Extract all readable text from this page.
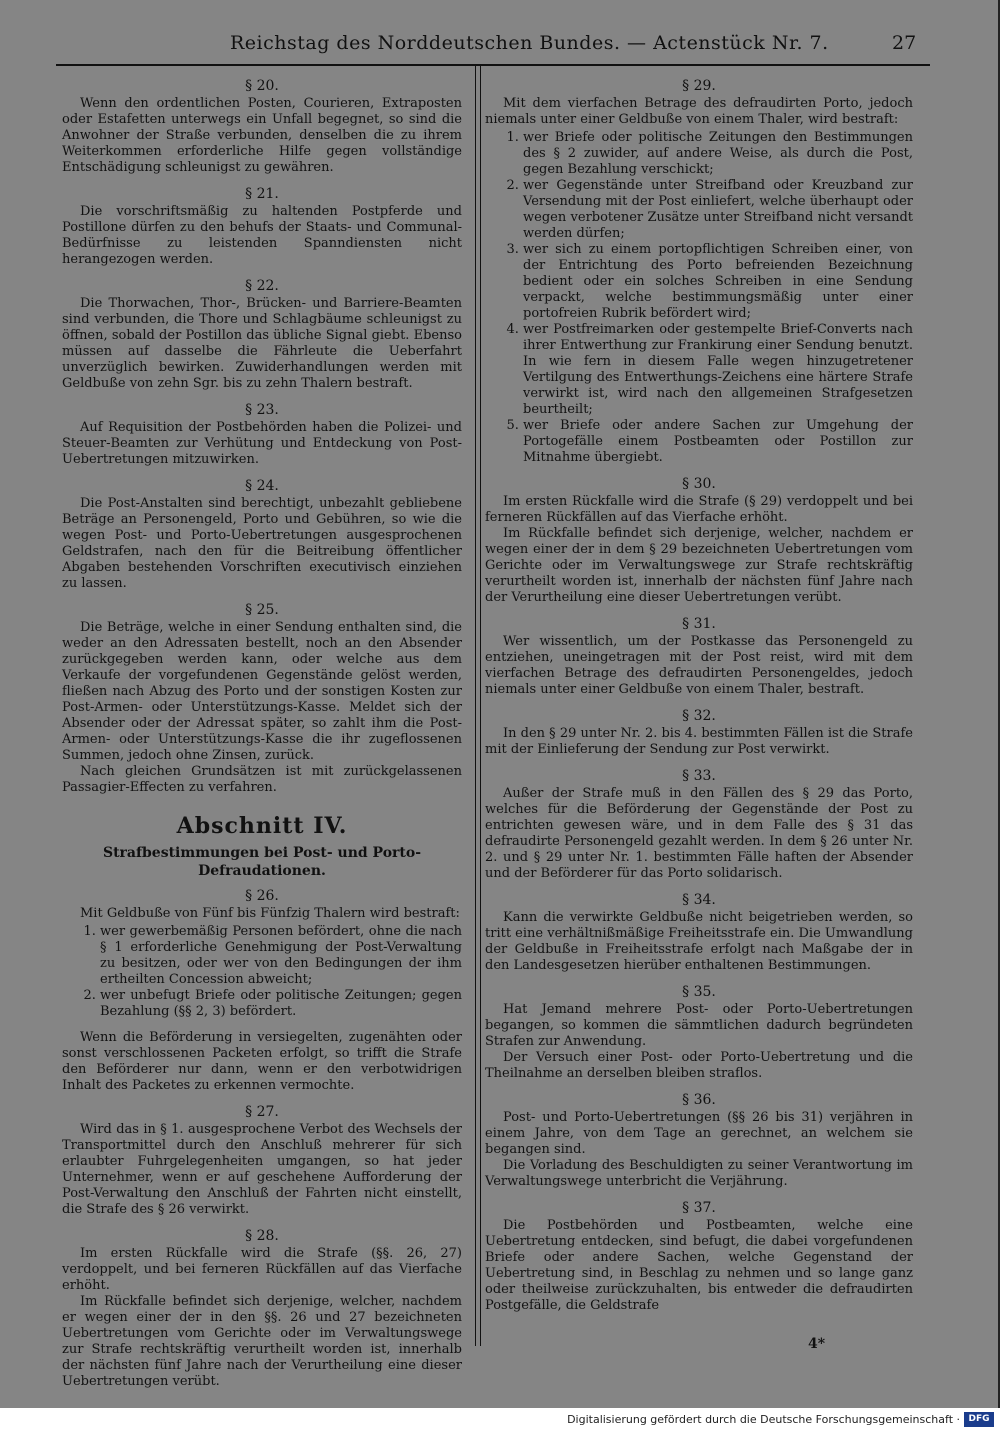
Reichstag des Norddeutschen Bundes. — Actenstück Nr. 7.	27
§ 20.

Wenn den ordentlichen Posten, Courieren, Extraposten oder Estafetten unterwegs ein Unfall begegnet, so sind die Anwohner der Straße verbunden, denselben die zu ihrem Weiterkommen erforderliche Hilfe gegen vollständige Entschädigung schleunigst zu gewähren.

§ 21.

Die vorschriftsmäßig zu haltenden Postpferde und Postillone dürfen zu den behufs der Staats- und Communal-Bedürfnisse zu leistenden Spanndiensten nicht herangezogen werden.

§ 22.

Die Thorwachen, Thor-, Brücken- und Barriere-Beamten sind verbunden, die Thore und Schlagbäume schleunigst zu öffnen, sobald der Postillon das übliche Signal giebt. Ebenso müssen auf dasselbe die Fährleute die Ueberfahrt unverzüglich bewirken. Zuwiderhandlungen werden mit Geldbuße von zehn Sgr. bis zu zehn Thalern bestraft.

§ 23.

Auf Requisition der Postbehörden haben die Polizei- und Steuer-Beamten zur Verhütung und Entdeckung von Post-Uebertretungen mitzuwirken.

§ 24.

Die Post-Anstalten sind berechtigt, unbezahlt gebliebene Beträge an Personengeld, Porto und Gebühren, so wie die wegen Post- und Porto-Uebertretungen ausgesprochenen Geldstrafen, nach den für die Beitreibung öffentlicher Abgaben bestehenden Vorschriften executivisch einziehen zu lassen.

§ 25.

Die Beträge, welche in einer Sendung enthalten sind, die weder an den Adressaten bestellt, noch an den Absender zurückgegeben werden kann, oder welche aus dem Verkaufe der vorgefundenen Gegenstände gelöst werden, fließen nach Abzug des Porto und der sonstigen Kosten zur Post-Armen- oder Unterstützungs-Kasse. Meldet sich der Absender oder der Adressat später, so zahlt ihm die Post-Armen- oder Unterstützungs-Kasse die ihr zugeflossenen Summen, jedoch ohne Zinsen, zurück.

Nach gleichen Grundsätzen ist mit zurückgelassenen Passagier-Effecten zu verfahren.

Abschnitt IV.
Strafbestimmungen bei Post- und Porto-Defraudationen.
§ 26.

Mit Geldbuße von Fünf bis Fünfzig Thalern wird bestraft:

1. wer gewerbemäßig Personen befördert, ohne die nach § 1 erforderliche Genehmigung der Post-Verwaltung zu besitzen, oder wer von den Bedingungen der ihm ertheilten Concession abweicht;
2. wer unbefugt Briefe oder politische Zeitungen; gegen Bezahlung (§§ 2, 3) befördert.

Wenn die Beförderung in versiegelten, zugenähten oder sonst verschlossenen Packeten erfolgt, so trifft die Strafe den Beförderer nur dann, wenn er den verbotwidrigen Inhalt des Packetes zu erkennen vermochte.

§ 27.

Wird das in § 1. ausgesprochene Verbot des Wechsels der Transportmittel durch den Anschluß mehrerer für sich erlaubter Fuhrgelegenheiten umgangen, so hat jeder Unternehmer, wenn er auf geschehene Aufforderung der Post-Verwaltung den Anschluß der Fahrten nicht einstellt, die Strafe des § 26 verwirkt.

§ 28.

Im ersten Rückfalle wird die Strafe (§§. 26, 27) verdoppelt, und bei ferneren Rückfällen auf das Vierfache erhöht.

Im Rückfalle befindet sich derjenige, welcher, nachdem er wegen einer der in den §§. 26 und 27 bezeichneten Uebertretungen vom Gerichte oder im Verwaltungswege zur Strafe rechtskräftig verurtheilt worden ist, innerhalb der nächsten fünf Jahre nach der Verurtheilung eine dieser Uebertretungen verübt.

§ 29.

Mit dem vierfachen Betrage des defraudirten Porto, jedoch niemals unter einer Geldbuße von einem Thaler, wird bestraft:

1. wer Briefe oder politische Zeitungen den Bestimmungen des § 2 zuwider, auf andere Weise, als durch die Post, gegen Bezahlung verschickt;
2. wer Gegenstände unter Streifband oder Kreuzband zur Versendung mit der Post einliefert, welche überhaupt oder wegen verbotener Zusätze unter Streifband nicht versandt werden dürfen;
3. wer sich zu einem portopflichtigen Schreiben einer, von der Entrichtung des Porto befreienden Bezeichnung bedient oder ein solches Schreiben in eine Sendung verpackt, welche bestimmungsmäßig unter einer portofreien Rubrik befördert wird;
4. wer Postfreimarken oder gestempelte Brief-Converts nach ihrer Entwerthung zur Frankirung einer Sendung benutzt. In wie fern in diesem Falle wegen hinzugetretener Vertilgung des Entwerthungs-Zeichens eine härtere Strafe verwirkt ist, wird nach den allgemeinen Strafgesetzen beurtheilt;
5. wer Briefe oder andere Sachen zur Umgehung der Portogefälle einem Postbeamten oder Postillon zur Mitnahme übergiebt.
§ 30.

Im ersten Rückfalle wird die Strafe (§ 29) verdoppelt und bei ferneren Rückfällen auf das Vierfache erhöht.

Im Rückfalle befindet sich derjenige, welcher, nachdem er wegen einer der in dem § 29 bezeichneten Uebertretungen vom Gerichte oder im Verwaltungswege zur Strafe rechtskräftig verurtheilt worden ist, innerhalb der nächsten fünf Jahre nach der Verurtheilung eine dieser Uebertretungen verübt.

§ 31.

Wer wissentlich, um der Postkasse das Personengeld zu entziehen, uneingetragen mit der Post reist, wird mit dem vierfachen Betrage des defraudirten Personengeldes, jedoch niemals unter einer Geldbuße von einem Thaler, bestraft.

§ 32.

In den § 29 unter Nr. 2. bis 4. bestimmten Fällen ist die Strafe mit der Einlieferung der Sendung zur Post verwirkt.

§ 33.

Außer der Strafe muß in den Fällen des § 29 das Porto, welches für die Beförderung der Gegenstände der Post zu entrichten gewesen wäre, und in dem Falle des § 31 das defraudirte Personengeld gezahlt werden. In dem § 26 unter Nr. 2. und § 29 unter Nr. 1. bestimmten Fälle haften der Absender und der Beförderer für das Porto solidarisch.

§ 34.

Kann die verwirkte Geldbuße nicht beigetrieben werden, so tritt eine verhältnißmäßige Freiheitsstrafe ein. Die Umwandlung der Geldbuße in Freiheitsstrafe erfolgt nach Maßgabe der in den Landesgesetzen hierüber enthaltenen Bestimmungen.

§ 35.

Hat Jemand mehrere Post- oder Porto-Uebertretungen begangen, so kommen die sämmtlichen dadurch begründeten Strafen zur Anwendung.

Der Versuch einer Post- oder Porto-Uebertretung und die Theilnahme an derselben bleiben straflos.

§ 36.

Post- und Porto-Uebertretungen (§§ 26 bis 31) verjähren in einem Jahre, von dem Tage an gerechnet, an welchem sie begangen sind.

Die Vorladung des Beschuldigten zu seiner Verantwortung im Verwaltungswege unterbricht die Verjährung.

§ 37.

Die Postbehörden und Postbeamten, welche eine Uebertretung entdecken, sind befugt, die dabei vorgefundenen Briefe oder andere Sachen, welche Gegenstand der Uebertretung sind, in Beschlag zu nehmen und so lange ganz oder theilweise zurückzuhalten, bis entweder die defraudirten Postgefälle, die Geldstrafe

4*
Digitalisierung gefördert durch die Deutsche Forschungsgemeinschaft · DFG
